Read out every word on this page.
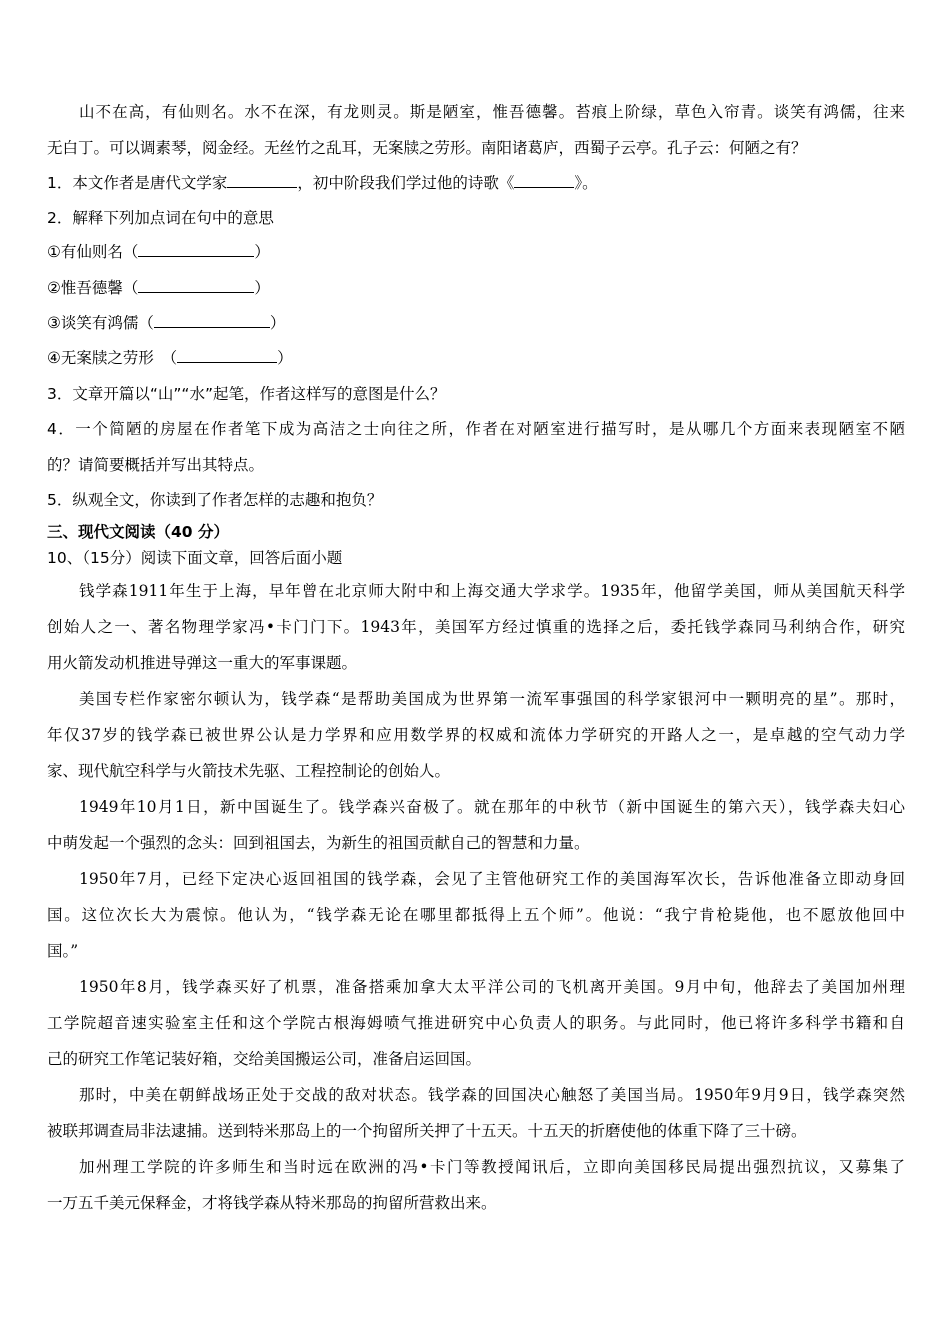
山不在高，有仙则名。水不在深，有龙则灵。斯是陋室，惟吾德馨。苔痕上阶绿，草色入帘青。谈笑有鸿儒，往来

无白丁。可以调素琴，阅金经。无丝竹之乱耳，无案牍之劳形。南阳诸葛庐，西蜀子云亭。孔子云：何陋之有？

1．本文作者是唐代文学家	，初中阶段我们学过他的诗歌《	》。

2．解释下列加点词在句中的意思

①有仙则名（	）

②惟吾德馨（	）

③谈笑有鸿儒（	）

④无案牍之劳形　（	）

3．文章开篇以“山”“水”起笔，作者这样写的意图是什么？

4．一个简陋的房屋在作者笔下成为高洁之士向往之所，作者在对陋室进行描写时，是从哪几个方面来表现陋室不陋

的？请简要概括并写出其特点。

5．纵观全文，你读到了作者怎样的志趣和抱负？

三、现代文阅读（40 分）

10、（15分）阅读下面文章，回答后面小题

钱学森1911年生于上海，早年曾在北京师大附中和上海交通大学求学。1935年，他留学美国，师从美国航天科学

创始人之一、著名物理学家冯•卡门门下。1943年，美国军方经过慎重的选择之后，委托钱学森同马利纳合作，研究

用火箭发动机推进导弹这一重大的军事课题。

美国专栏作家密尔顿认为，钱学森“是帮助美国成为世界第一流军事强国的科学家银河中一颗明亮的星”。那时，

年仅37岁的钱学森已被世界公认是力学界和应用数学界的权威和流体力学研究的开路人之一，是卓越的空气动力学

家、现代航空科学与火箭技术先驱、工程控制论的创始人。

1949年10月1日，新中国诞生了。钱学森兴奋极了。就在那年的中秋节（新中国诞生的第六天），钱学森夫妇心

中萌发起一个强烈的念头：回到祖国去，为新生的祖国贡献自己的智慧和力量。

1950年7月，已经下定决心返回祖国的钱学森，会见了主管他研究工作的美国海军次长，告诉他准备立即动身回

国。这位次长大为震惊。他认为，“钱学森无论在哪里都抵得上五个师”。他说：“我宁肯枪毙他，也不愿放他回中

国。”

1950年8月，钱学森买好了机票，准备搭乘加拿大太平洋公司的飞机离开美国。9月中旬，他辞去了美国加州理

工学院超音速实验室主任和这个学院古根海姆喷气推进研究中心负责人的职务。与此同时，他已将许多科学书籍和自

己的研究工作笔记装好箱，交给美国搬运公司，准备启运回国。

那时，中美在朝鲜战场正处于交战的敌对状态。钱学森的回国决心触怒了美国当局。1950年9月9日，钱学森突然

被联邦调查局非法逮捕。送到特米那岛上的一个拘留所关押了十五天。十五天的折磨使他的体重下降了三十磅。

加州理工学院的许多师生和当时远在欧洲的冯•卡门等教授闻讯后，立即向美国移民局提出强烈抗议，又募集了

一万五千美元保释金，才将钱学森从特米那岛的拘留所营救出来。
